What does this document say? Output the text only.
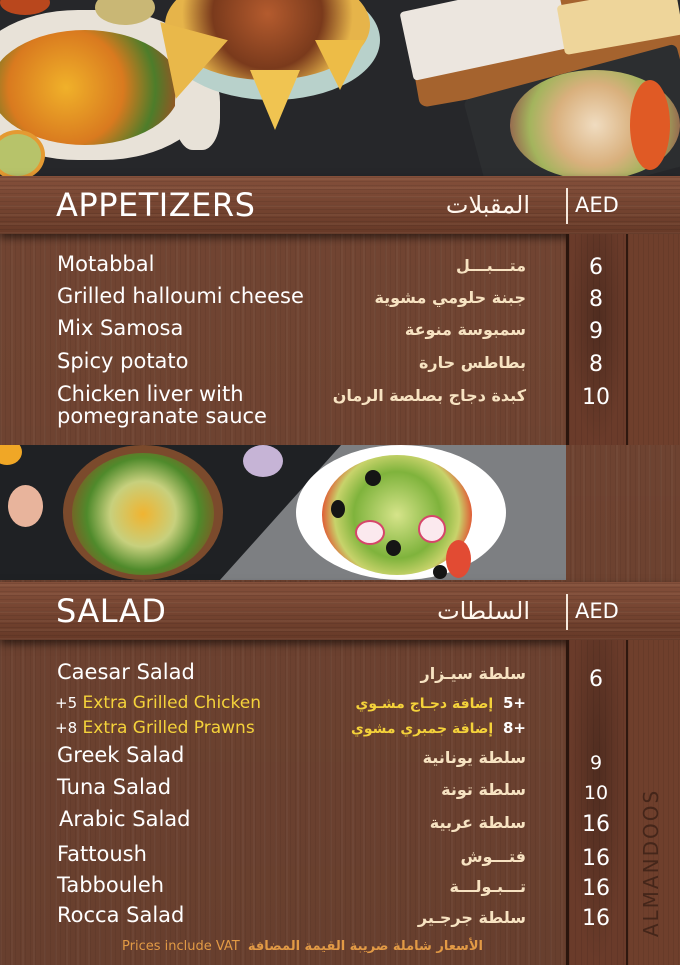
APPETIZERS	المقبلات AED
Motabbal	متـــبـــل	6
Grilled halloumi cheese	جبنة حلومي مشوية	8
Mix Samosa	سمبوسة منوعة	9
Spicy potato	بطاطس حارة	8
Chicken liver with
pomegranate sauce
كبدة دجاج بصلصة الرمان	10
SALAD	السلطات AED
Caesar Salad	سلطة سيـزار	6
+5 Extra Grilled Chicken	+5  إضافة دجـاج مشـوي
+8 Extra Grilled Prawns	+8  إضافة جمبري مشوي
Greek Salad	سلطة يونانية	9
Tuna Salad	سلطة تونة	10
Arabic Salad	سلطة عربية	16
Fattoush	فتـــوش	16
Tabbouleh	تـــبـولـــة	16
Rocca Salad	سلطة جرجـير	16
Prices include VAT الأسعار شاملة ضريبة القيمة المضافة
ALMANDOOS
